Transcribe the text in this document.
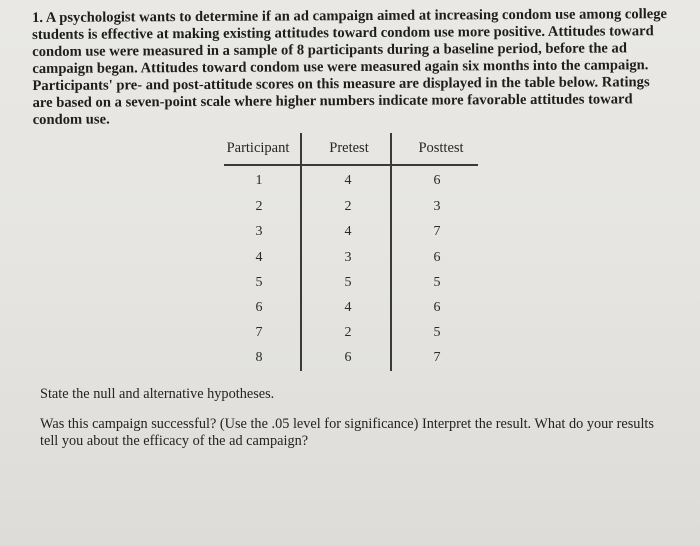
1. A psychologist wants to determine if an ad campaign aimed at increasing condom use among college students is effective at making existing attitudes toward condom use more positive. Attitudes toward condom use were measured in a sample of 8 participants during a baseline period, before the ad campaign began. Attitudes toward condom use were measured again six months into the campaign. Participants' pre- and post-attitude scores on this measure are displayed in the table below. Ratings are based on a seven-point scale where higher numbers indicate more favorable attitudes toward condom use.

Participant	Pretest	Posttest
1	4	6
2	2	3
3	4	7
4	3	6
5	5	5
6	4	6
7	2	5
8	6	7

State the null and alternative hypotheses.

Was this campaign successful? (Use the .05 level for significance) Interpret the result. What do your results tell you about the efficacy of the ad campaign?
